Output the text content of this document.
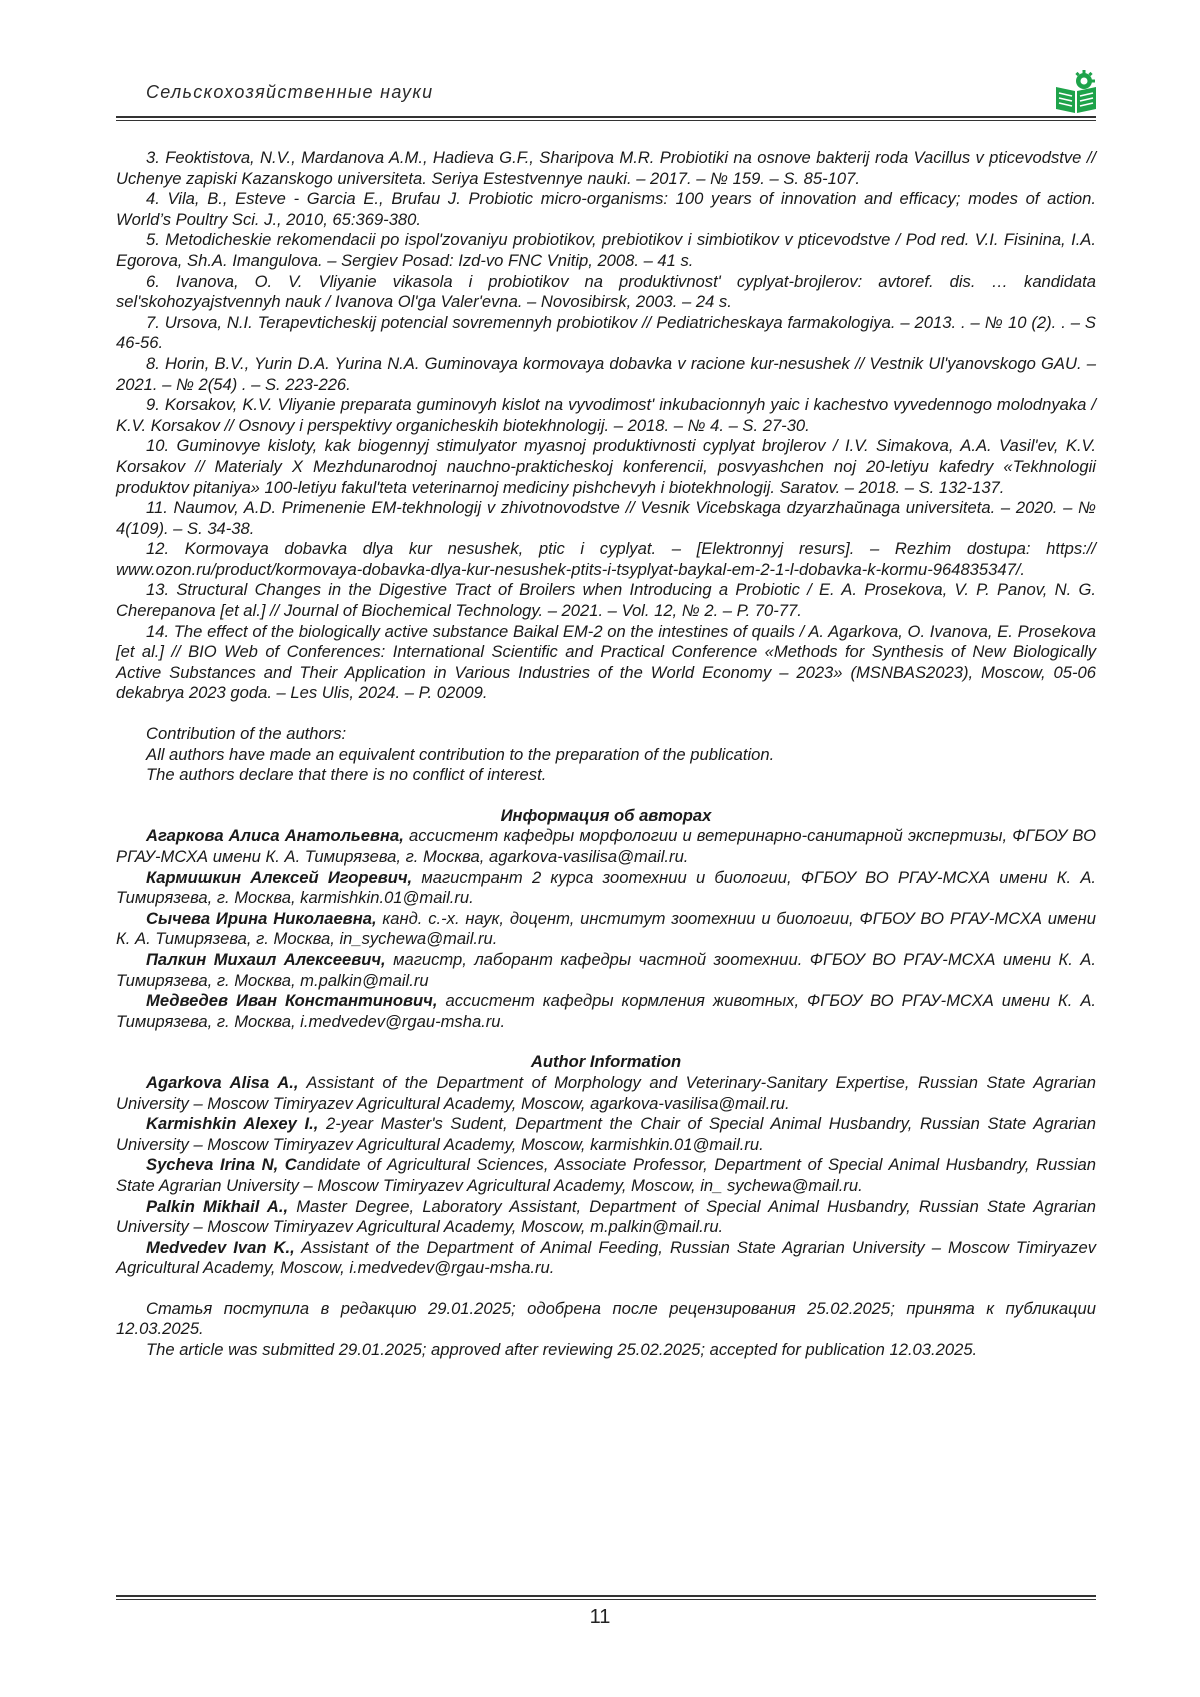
Сельскохозяйственные науки

3. Feoktistova, N.V., Mardanova A.M., Hadieva G.F., Sharipova M.R. Probiotiki na osnove bakterij roda Vacillus v pticevodstve // Uchenye zapiski Kazanskogo universiteta. Seriya Estestvennye nauki. – 2017. – № 159. – S. 85-107.

4. Vila, B., Esteve - Garcia E., Brufau J. Probiotic micro-organisms: 100 years of innovation and efficacy; modes of action. World’s Poultry Sci. J., 2010, 65:369-380.

5. Metodicheskie rekomendacii po ispol'zovaniyu probiotikov, prebiotikov i simbiotikov v pticevodstve / Pod red. V.I. Fisinina, I.A. Egorova, Sh.A. Imangulova. – Sergiev Posad: Izd-vo FNC Vnitip, 2008. – 41 s.

6. Ivanova, O. V. Vliyanie vikasola i probiotikov na produktivnost' cyplyat-brojlerov: avtoref. dis. … kandidata sel'skohozyajstvennyh nauk / Ivanova Ol'ga Valer'evna. – Novosibirsk, 2003. – 24 s.

7. Ursova, N.I. Terapevticheskij potencial sovremennyh probiotikov // Pediatricheskaya farmakologiya. – 2013. . – № 10 (2). . – S 46-56.

8. Horin, B.V., Yurin D.A. Yurina N.A. Guminovaya kormovaya dobavka v racione kur-nesushek // Vestnik Ul'yanovskogo GAU. – 2021. – № 2(54) . – S. 223-226.

9. Korsakov, K.V. Vliyanie preparata guminovyh kislot na vyvodimost' inkubacionnyh yaic i kachestvo vyvedennogo molodnyaka / K.V. Korsakov // Osnovy i perspektivy organicheskih biotekhnologij. – 2018. – № 4. – S. 27-30.

10. Guminovye kisloty, kak biogennyj stimulyator myasnoj produktivnosti cyplyat brojlerov / I.V. Simakova, A.A. Vasil'ev, K.V. Korsakov // Materialy X Mezhdunarodnoj nauchno-prakticheskoj konferencii, posvyashchen noj 20-letiyu kafedry «Tekhnologii produktov pitaniya» 100-letiyu fakul'teta veterinarnoj mediciny pishchevyh i biotekhnologij. Saratov. – 2018. – S. 132-137.

11. Naumov, A.D. Primenenie EM-tekhnologij v zhivotnovodstve // Vesnik Vicebskaga dzyarzhaŭnaga universiteta. – 2020. – № 4(109). – S. 34-38.

12. Kormovaya dobavka dlya kur nesushek, ptic i cyplyat. – [Elektronnyj resurs]. – Rezhim dostupa: https:// www.ozon.ru/product/kormovaya-dobavka-dlya-kur-nesushek-ptits-i-tsyplyat-baykal-em-2-1-l-dobavka-k-kormu-964835347/.

13. Structural Changes in the Digestive Tract of Broilers when Introducing a Probiotic / E. A. Prosekova, V. P. Panov, N. G. Cherepanova [et al.] // Journal of Biochemical Technology. – 2021. – Vol. 12, № 2. – P. 70-77.

14. The effect of the biologically active substance Baikal EM-2 on the intestines of quails / A. Agarkova, O. Ivanova, E. Prosekova [et al.] // BIO Web of Conferences: International Scientific and Practical Conference «Methods for Synthesis of New Biologically Active Substances and Their Application in Various Industries of the World Economy – 2023» (MSNBAS2023), Moscow, 05-06 dekabrya 2023 goda. – Les Ulis, 2024. – P. 02009.

Contribution of the authors:

All authors have made an equivalent contribution to the preparation of the publication.

The authors declare that there is no conflict of interest.

Информация об авторах

Агаркова Алиса Анатольевна, ассистент кафедры морфологии и ветеринарно-санитарной экспертизы, ФГБОУ ВО РГАУ-МСХА имени К. А. Тимирязева, г. Москва, agarkova-vasilisa@mail.ru.

Кармишкин Алексей Игоревич, магистрант 2 курса зоотехнии и биологии, ФГБОУ ВО РГАУ-МСХА имени К. А. Тимирязева, г. Москва, karmishkin.01@mail.ru.

Сычева Ирина Николаевна, канд. с.-х. наук, доцент, институт зоотехнии и биологии, ФГБОУ ВО РГАУ-МСХА имени К. А. Тимирязева, г. Москва, in_sychewa@mail.ru.

Палкин Михаил Алексеевич, магистр, лаборант кафедры частной зоотехнии. ФГБОУ ВО РГАУ-МСХА имени К. А. Тимирязева, г. Москва, m.palkin@mail.ru

Медведев Иван Константинович, ассистент кафедры кормления животных, ФГБОУ ВО РГАУ-МСХА имени К. А. Тимирязева, г. Москва, i.medvedev@rgau-msha.ru.

Author Information

Agarkova Alisa A., Assistant of the Department of Morphology and Veterinary-Sanitary Expertise, Russian State Agrarian University – Moscow Timiryazev Agricultural Academy, Moscow, agarkova-vasilisa@mail.ru.

Karmishkin Alexey I., 2-year Master's Sudent, Department the Chair of Special Animal Husbandry, Russian State Agrarian University – Moscow Timiryazev Agricultural Academy, Moscow, karmishkin.01@mail.ru.

Sycheva Irina N, Candidate of Agricultural Sciences, Associate Professor, Department of Special Animal Husbandry, Russian State Agrarian University – Moscow Timiryazev Agricultural Academy, Moscow, in_ sychewa@mail.ru.

Palkin Mikhail A., Master Degree, Laboratory Assistant, Department of Special Animal Husbandry, Russian State Agrarian University – Moscow Timiryazev Agricultural Academy, Moscow, m.palkin@mail.ru.

Medvedev Ivan K., Assistant of the Department of Animal Feeding, Russian State Agrarian University – Moscow Timiryazev Agricultural Academy, Moscow, i.medvedev@rgau-msha.ru.

Статья поступила в редакцию 29.01.2025; одобрена после рецензирования 25.02.2025; принята к публикации 12.03.2025.

The article was submitted 29.01.2025; approved after reviewing 25.02.2025; accepted for publication 12.03.2025.

11
